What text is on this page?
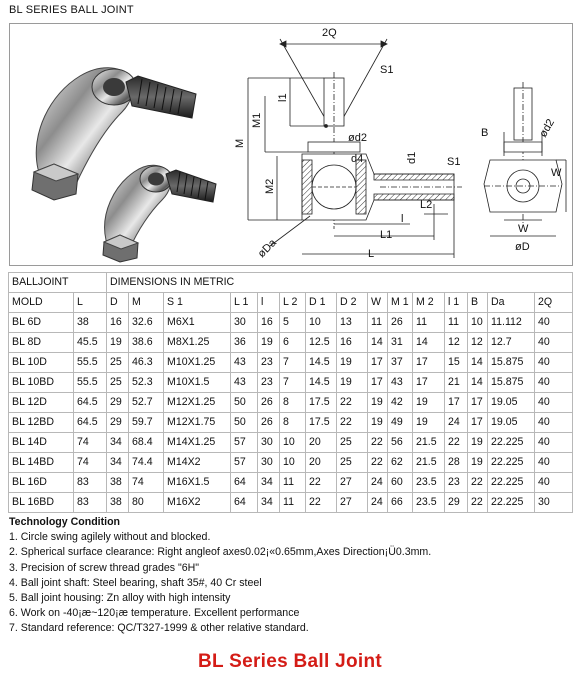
BL SERIES BALL JOINT
2Q
S1
l1
M1
M
M2
ød2
d4	d1	S1
B	ød2
W
W
øD
L2
l
L1
øDa	L
BALLJOINT		DIMENSIONS IN METRIC														
MOLD	L	D	M	S 1	L 1	l	L 2	D 1	D 2	W	M 1	M 2	l 1	B	Da	2Q
BL 6D	38	16	32.6	M6X1	30	16	5	10	13	11	26	11	11	10	11.112	40
BL 8D	45.5	19	38.6	M8X1.25	36	19	6	12.5	16	14	31	14	12	12	12.7	40
BL 10D	55.5	25	46.3	M10X1.25	43	23	7	14.5	19	17	37	17	15	14	15.875	40
BL 10BD	55.5	25	52.3	M10X1.5	43	23	7	14.5	19	17	43	17	21	14	15.875	40
BL 12D	64.5	29	52.7	M12X1.25	50	26	8	17.5	22	19	42	19	17	17	19.05	40
BL 12BD	64.5	29	59.7	M12X1.75	50	26	8	17.5	22	19	49	19	24	17	19.05	40
BL 14D	74	34	68.4	M14X1.25	57	30	10	20	25	22	56	21.5	22	19	22.225	40
BL 14BD	74	34	74.4	M14X2	57	30	10	20	25	22	62	21.5	28	19	22.225	40
BL 16D	83	38	74	M16X1.5	64	34	11	22	27	24	60	23.5	23	22	22.225	40
BL 16BD	83	38	80	M16X2	64	34	11	22	27	24	66	23.5	29	22	22.225	30
Technology Condition
1. Circle swing agilely without and blocked.
2. Spherical surface clearance: Right angleof axes0.02¡«0.65mm,Axes Direction¡Ü0.3mm.
3. Precision of screw thread grades "6H"
4. Ball joint shaft: Steel bearing, shaft 35#, 40 Cr steel
5. Ball joint housing: Zn alloy with high intensity
6. Work on -40¡æ~120¡æ temperature. Excellent performance
7. Standard reference: QC/T327-1999 & other relative standard.
BL Series Ball Joint
